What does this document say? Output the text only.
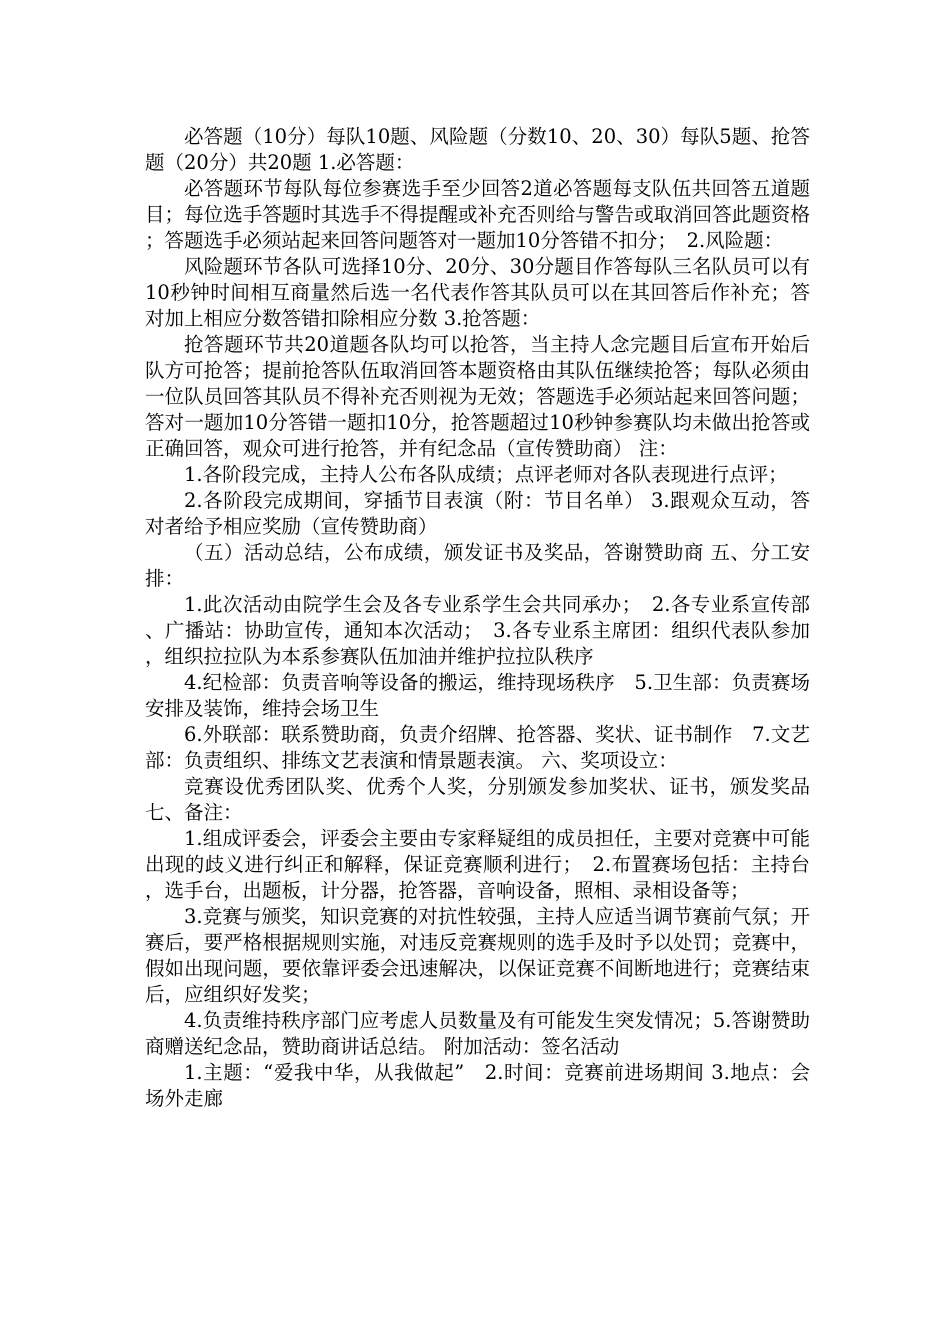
必答题（10分）每队10题、风险题（分数10、20、30）每队5题、抢答题（20分）共20题 1.必答题：

必答题环节每队每位参赛选手至少回答2道必答题每支队伍共回答五道题目；每位选手答题时其选手不得提醒或补充否则给与警告或取消回答此题资格；答题选手必须站起来回答问题答对一题加10分答错不扣分；　2.风险题：

风险题环节各队可选择10分、20分、30分题目作答每队三名队员可以有10秒钟时间相互商量然后选一名代表作答其队员可以在其回答后作补充；答对加上相应分数答错扣除相应分数 3.抢答题：

抢答题环节共20道题各队均可以抢答，当主持人念完题目后宣布开始后队方可抢答；提前抢答队伍取消回答本题资格由其队伍继续抢答；每队必须由一位队员回答其队员不得补充否则视为无效；答题选手必须站起来回答问题；答对一题加10分答错一题扣10分，抢答题超过10秒钟参赛队均未做出抢答或正确回答，观众可进行抢答，并有纪念品（宣传赞助商） 注：

1.各阶段完成，主持人公布各队成绩；点评老师对各队表现进行点评；

2.各阶段完成期间，穿插节目表演（附：节目名单） 3.跟观众互动，答对者给予相应奖励（宣传赞助商）

（五）活动总结，公布成绩，颁发证书及奖品，答谢赞助商 五、分工安排：

1.此次活动由院学生会及各专业系学生会共同承办；　2.各专业系宣传部、广播站：协助宣传，通知本次活动；　3.各专业系主席团：组织代表队参加，组织拉拉队为本系参赛队伍加油并维护拉拉队秩序

4.纪检部：负责音响等设备的搬运，维持现场秩序　5.卫生部：负责赛场安排及装饰，维持会场卫生

6.外联部：联系赞助商，负责介绍牌、抢答器、奖状、证书制作　7.文艺部：负责组织、排练文艺表演和情景题表演。 六、奖项设立：

竞赛设优秀团队奖、优秀个人奖，分别颁发参加奖状、证书，颁发奖品 七、备注：

1.组成评委会，评委会主要由专家释疑组的成员担任，主要对竞赛中可能出现的歧义进行纠正和解释，保证竞赛顺利进行；　2.布置赛场包括：主持台，选手台，出题板，计分器，抢答器，音响设备，照相、录相设备等；

3.竞赛与颁奖，知识竞赛的对抗性较强，主持人应适当调节赛前气氛；开赛后，要严格根据规则实施，对违反竞赛规则的选手及时予以处罚；竞赛中，假如出现问题，要依靠评委会迅速解决，以保证竞赛不间断地进行；竞赛结束后，应组织好发奖；

4.负责维持秩序部门应考虑人员数量及有可能发生突发情况；5.答谢赞助商赠送纪念品，赞助商讲话总结。 附加活动：签名活动

1.主题：“爱我中华，从我做起”　2.时间：竞赛前进场期间 3.地点：会场外走廊
